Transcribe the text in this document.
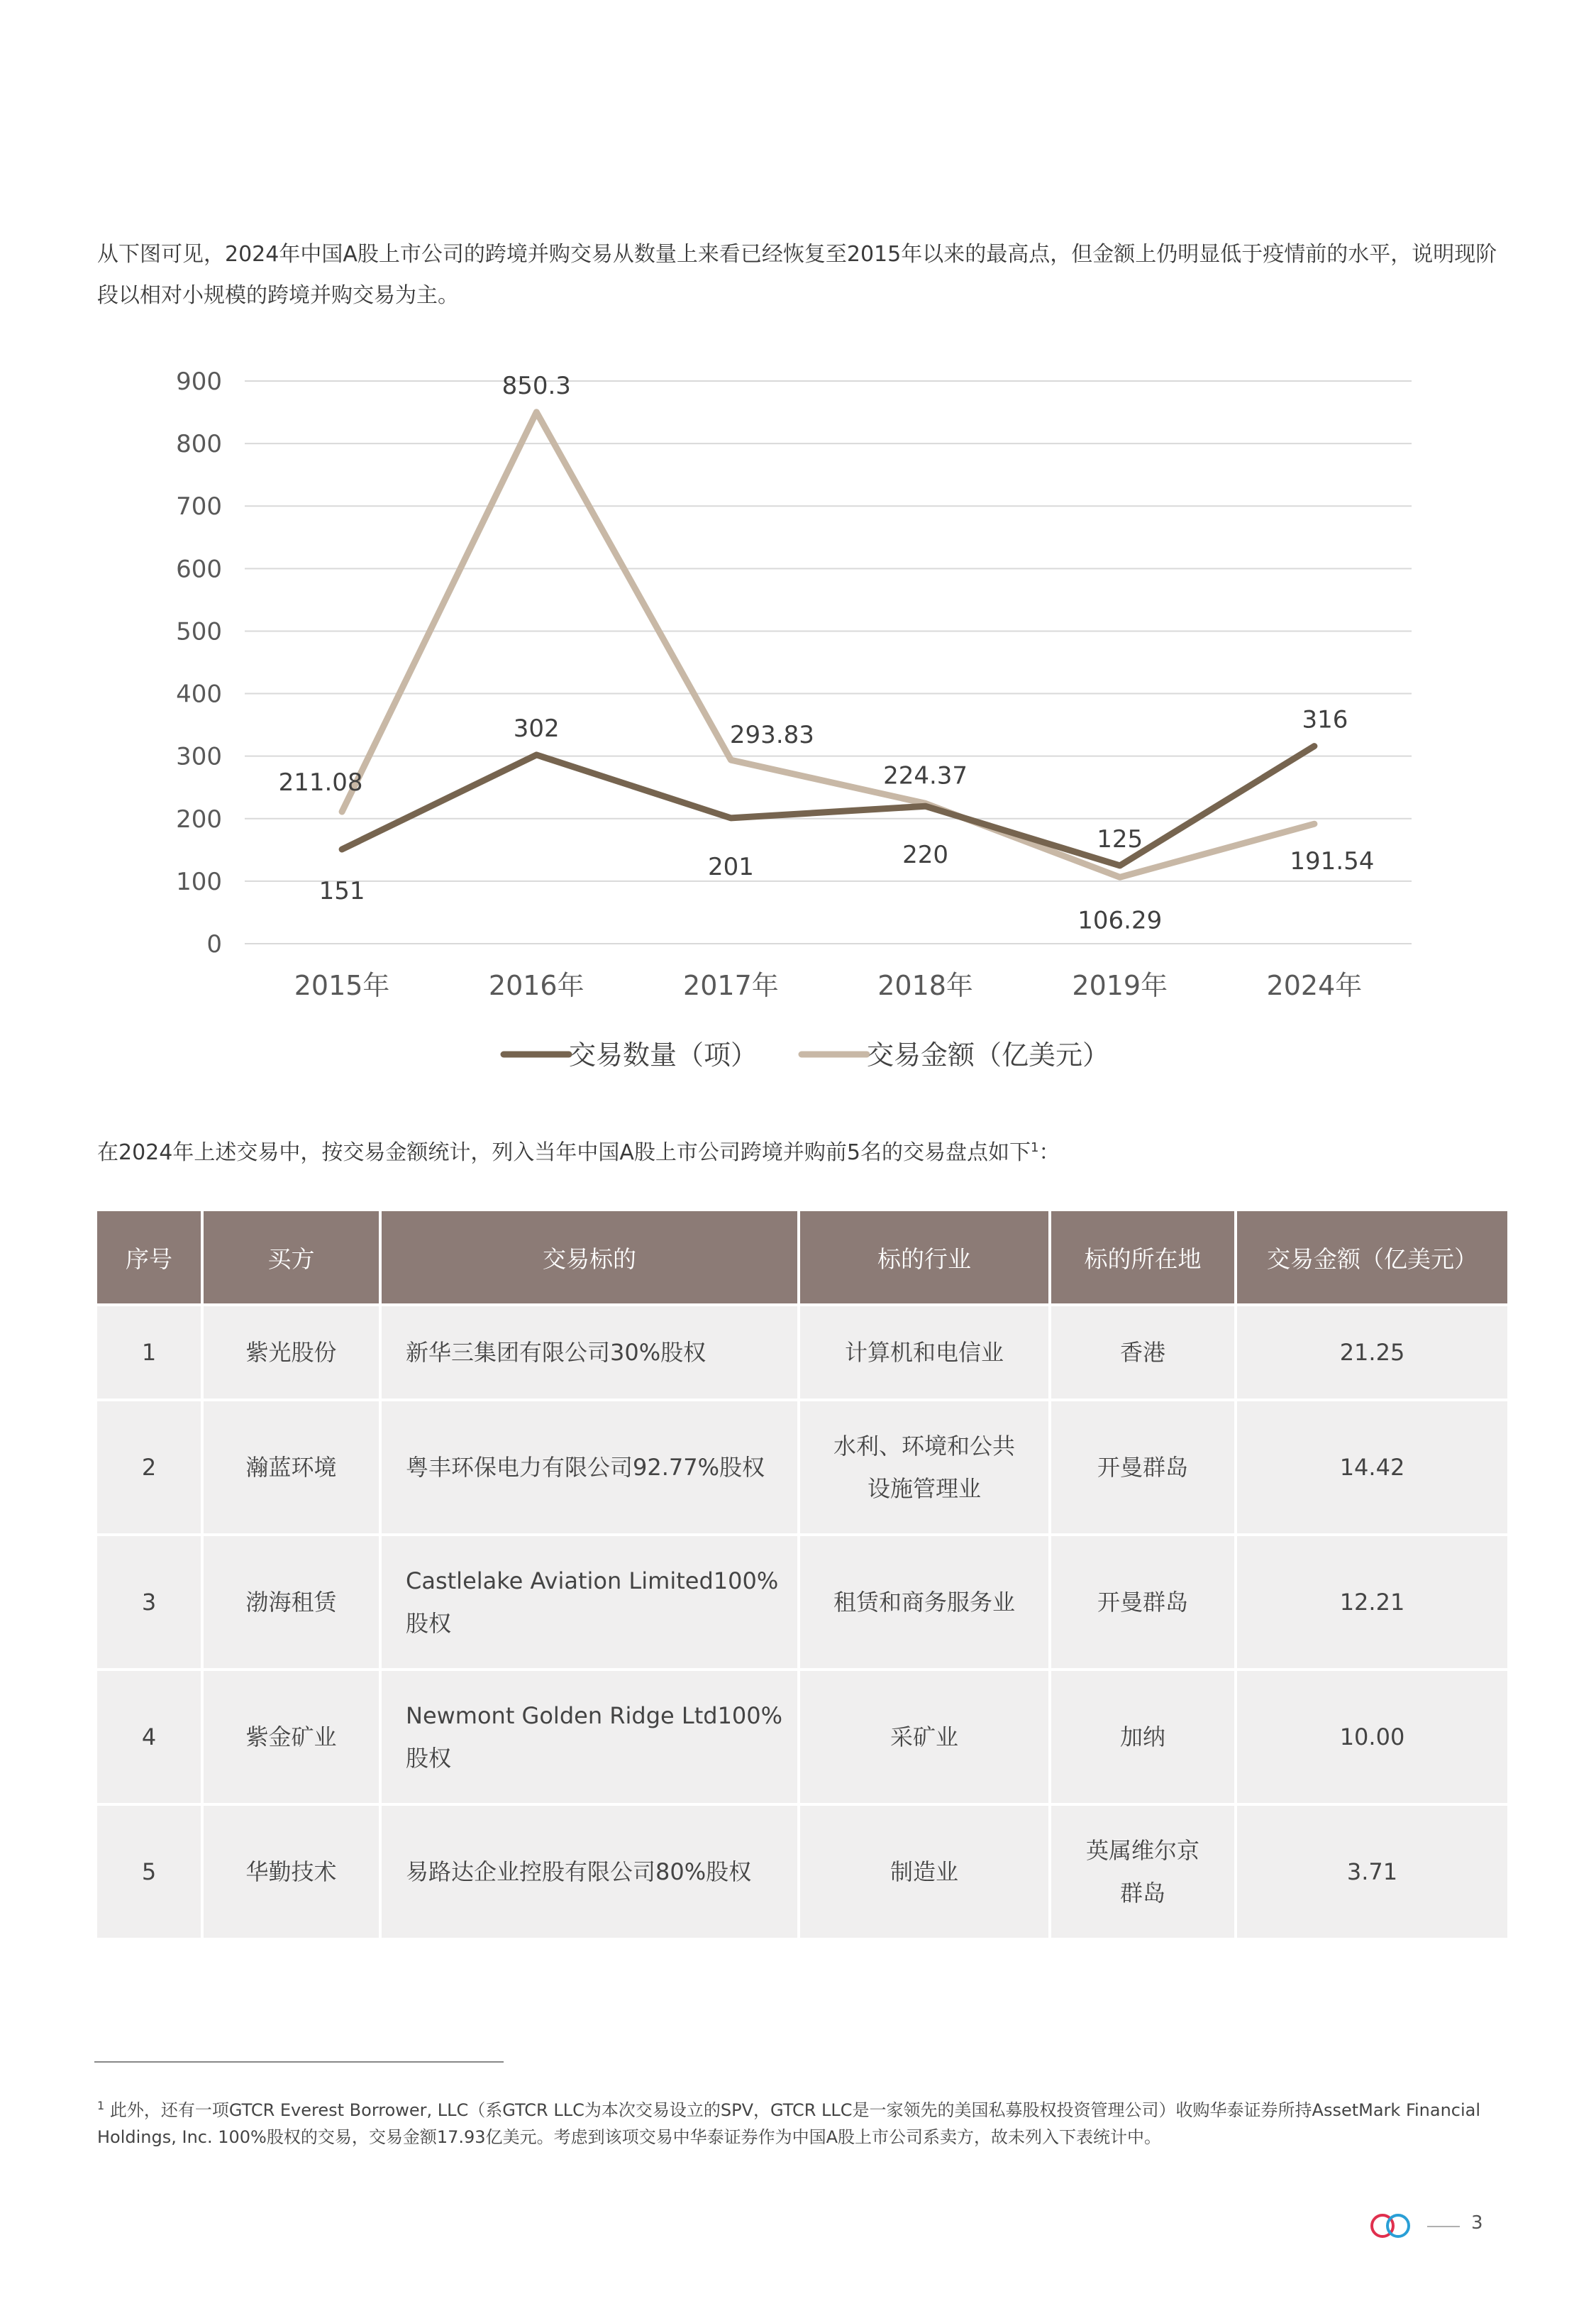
从下图可见，2024年中国A股上市公司的跨境并购交易从数量上来看已经恢复至2015年以来的最高点，但金额上仍明显低于疫情前的水平，说明现阶段以相对小规模的跨境并购交易为主。

0
100
200
300
400
500
600
700
800
900
2015年	2016年	2017年	2018年	2019年	2024年
151
302
201	220
125
316
211.08
850.3
293.83
224.37
106.29
191.54
交易数量（项）	交易金额（亿美元）

在2024年上述交易中，按交易金额统计，列入当年中国A股上市公司跨境并购前5名的交易盘点如下$^1$：

序号	买方	交易标的	标的行业	标的所在地	交易金额（亿美元）
1	紫光股份	新华三集团有限公司30%股权	计算机和电信业	香港	21.25
2	瀚蓝环境	粤丰环保电力有限公司92.77%股权	水利、环境和公共
设施管理业	开曼群岛	14.42
3	渤海租赁	Castlelake Aviation Limited100%
股权	租赁和商务服务业	开曼群岛	12.21
4	紫金矿业	Newmont Golden Ridge Ltd100%
股权	采矿业	加纳	10.00
5	华勤技术	易路达企业控股有限公司80%股权	制造业	英属维尔京
群岛	3.71

$^1$ 此外，还有一项GTCR Everest Borrower, LLC（系GTCR LLC为本次交易设立的SPV，GTCR LLC是一家领先的美国私募股权投资管理公司）收购华泰证券所持AssetMark Financial Holdings, Inc. 100%股权的交易，交易金额17.93亿美元。考虑到该项交易中华泰证券作为中国A股上市公司系卖方，故未列入下表统计中。

3
